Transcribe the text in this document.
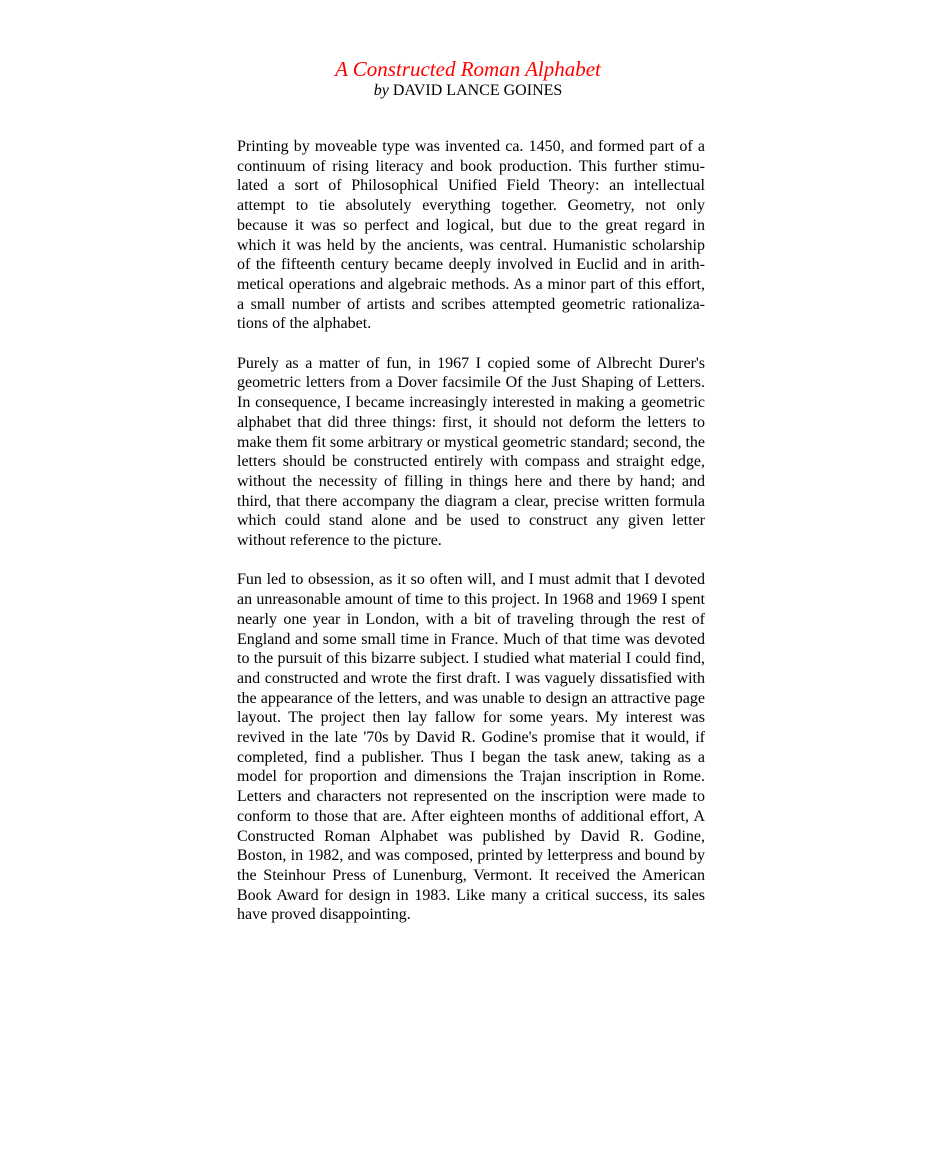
A Constructed Roman Alphabet

by DAVID LANCE GOINES

Printing by moveable type was invented ca. 1450, and formed part of a continuum of rising literacy and book production. This further stimulated a sort of Philosophical Unified Field Theory: an intellectual attempt to tie absolutely everything together. Geometry, not only because it was so perfect and logical, but due to the great regard in which it was held by the ancients, was central. Humanistic scholarship of the fifteenth century became deeply involved in Euclid and in arithmetical operations and algebraic methods. As a minor part of this effort, a small number of artists and scribes attempted geometric rationalizations of the alphabet.

Purely as a matter of fun, in 1967 I copied some of Albrecht Durer's geometric letters from a Dover facsimile Of the Just Shaping of Letters. In consequence, I became increasingly interested in making a geometric alphabet that did three things: first, it should not deform the letters to make them fit some arbitrary or mystical geometric standard; second, the letters should be constructed entirely with compass and straight edge, without the necessity of filling in things here and there by hand; and third, that there accompany the diagram a clear, precise written formula which could stand alone and be used to construct any given letter without reference to the picture.

Fun led to obsession, as it so often will, and I must admit that I devoted an unreasonable amount of time to this project. In 1968 and 1969 I spent nearly one year in London, with a bit of traveling through the rest of England and some small time in France. Much of that time was devoted to the pursuit of this bizarre subject. I studied what material I could find, and constructed and wrote the first draft. I was vaguely dissatisfied with the appearance of the letters, and was unable to design an attractive page layout. The project then lay fallow for some years. My interest was revived in the late '70s by David R. Godine's promise that it would, if completed, find a publisher. Thus I began the task anew, taking as a model for proportion and dimensions the Trajan inscription in Rome. Letters and characters not represented on the inscription were made to conform to those that are. After eighteen months of additional effort, A Constructed Roman Alphabet was published by David R. Godine, Boston, in 1982, and was composed, printed by letterpress and bound by the Steinhour Press of Lunenburg, Vermont. It received the American Book Award for design in 1983. Like many a critical success, its sales have proved disappointing.
